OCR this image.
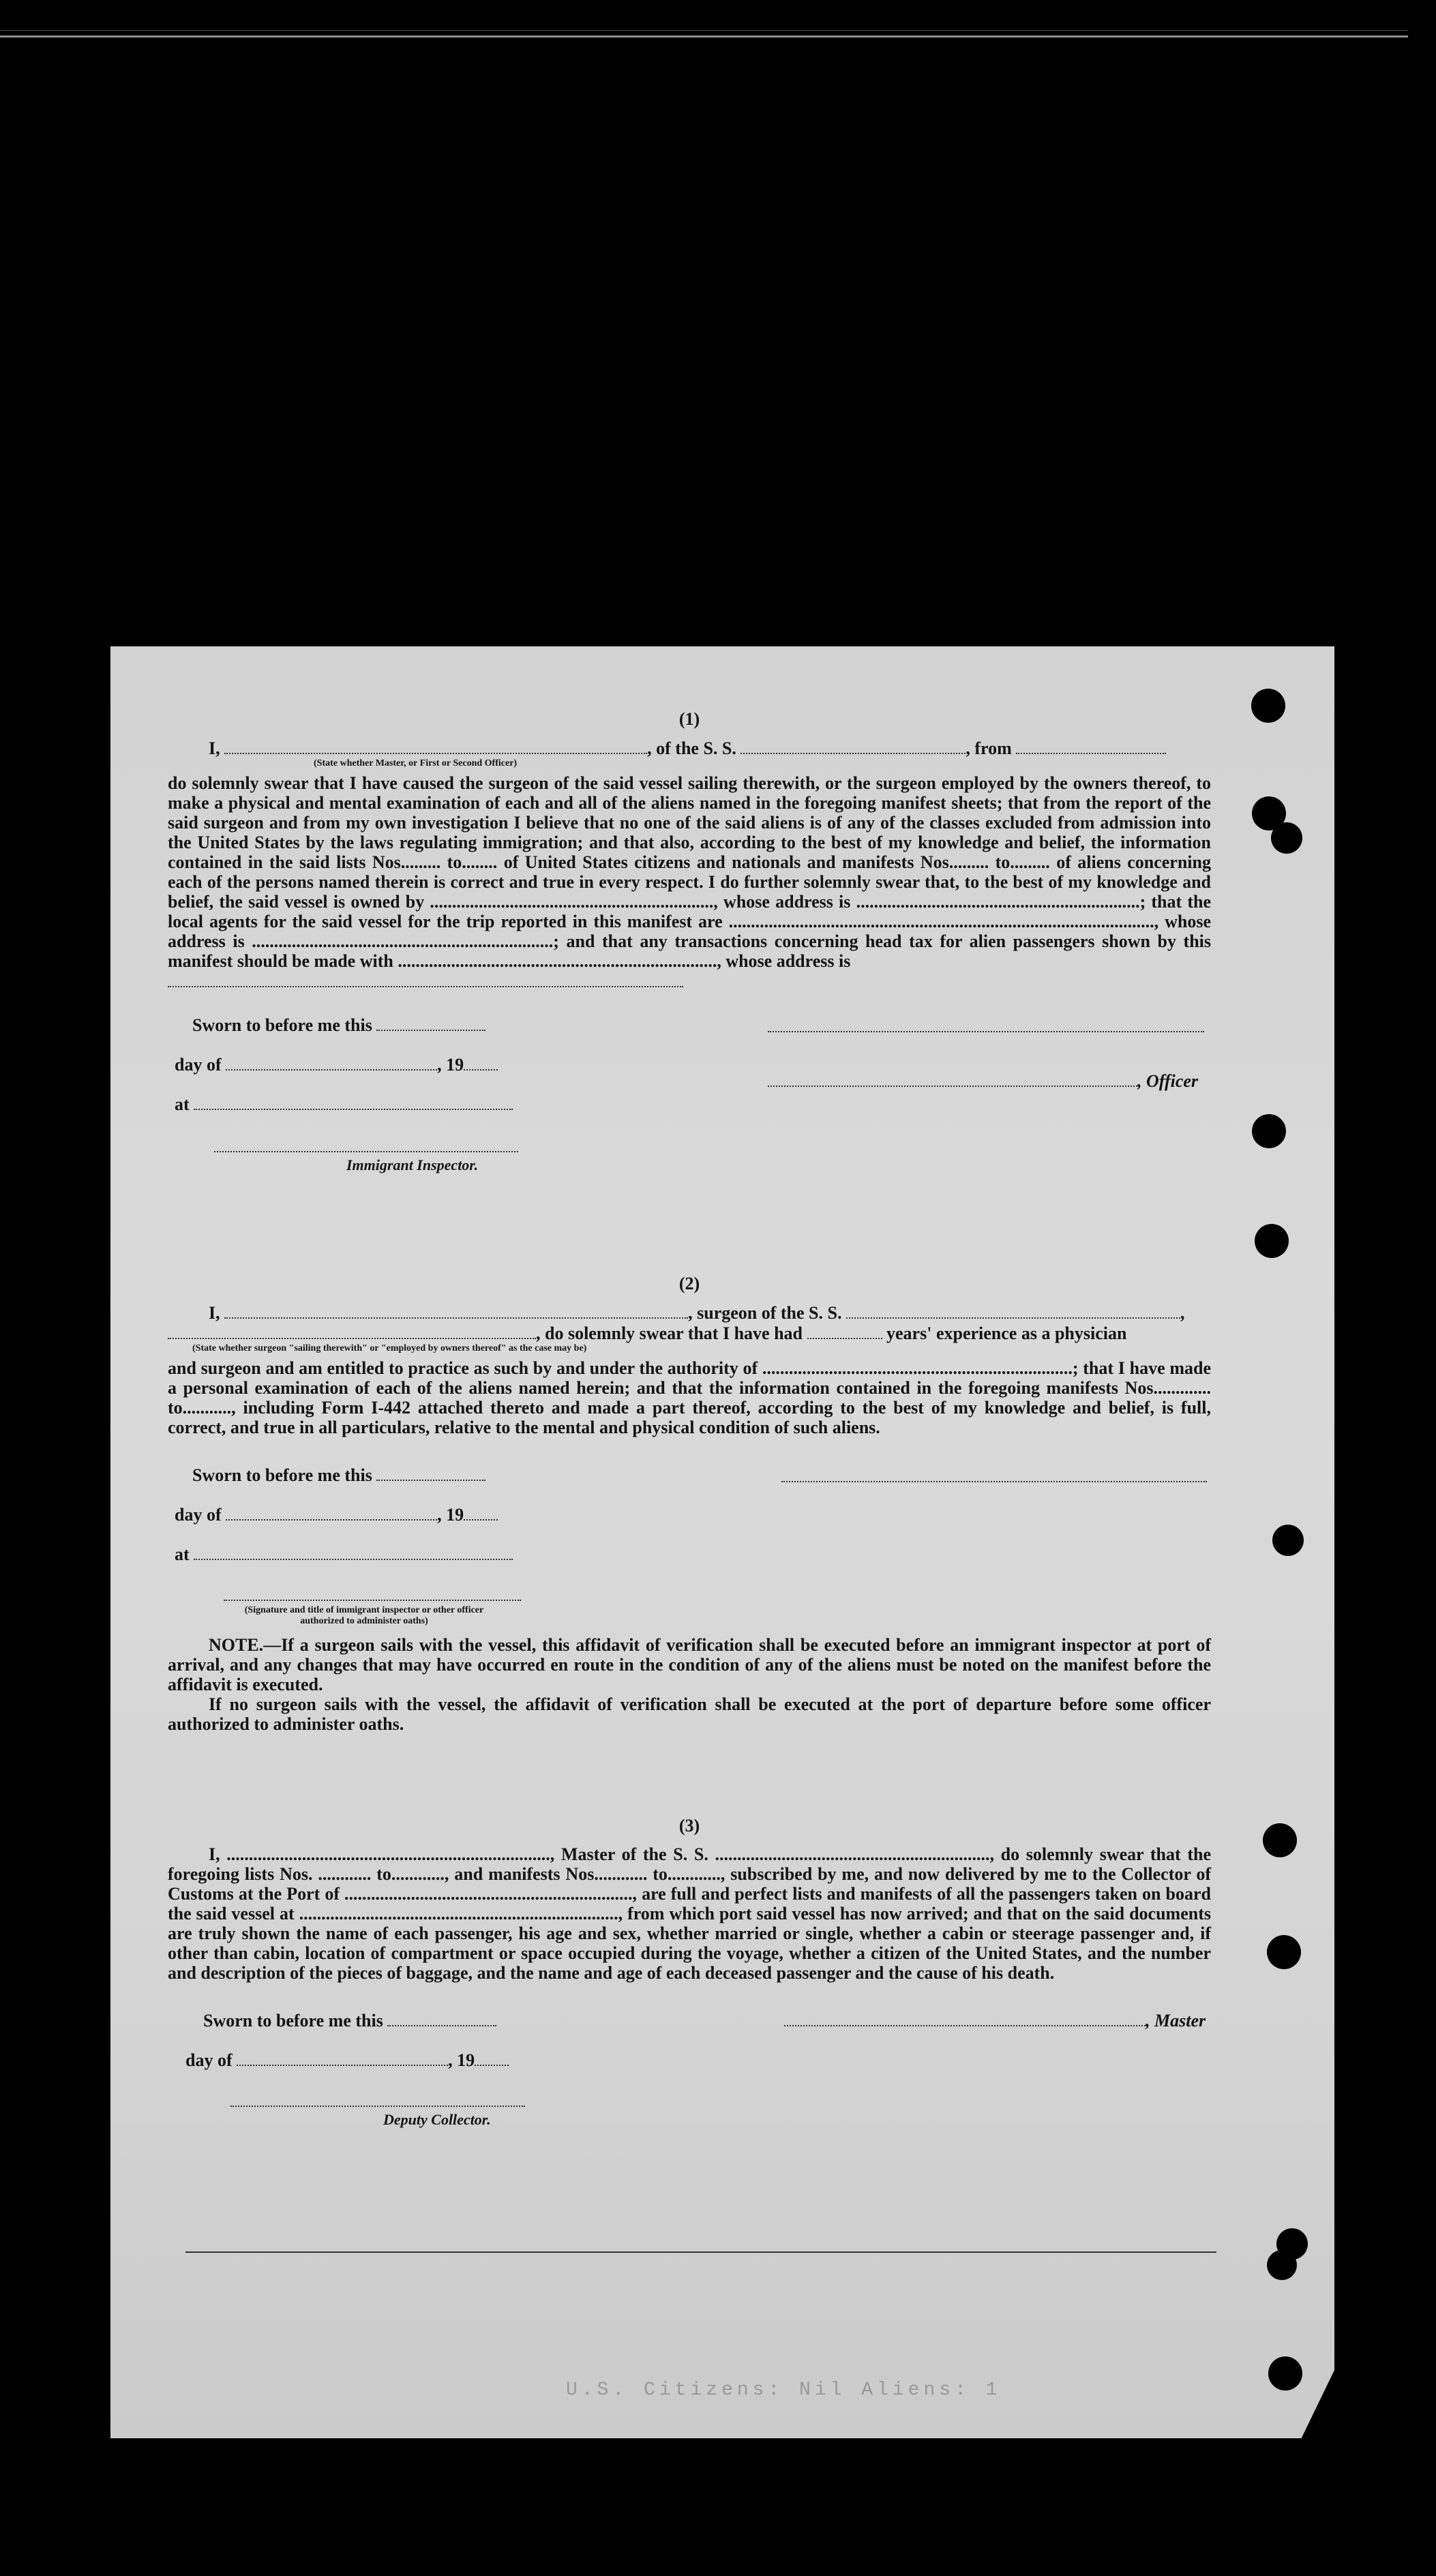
(1)
I,	, of the S. S.	, from
(State whether Master, or First or Second Officer)
do solemnly swear that I have caused the surgeon of the said vessel sailing therewith, or the surgeon employed by the owners thereof, to make a physical and mental examination of each and all of the aliens named in the foregoing manifest sheets; that from the report of the said surgeon and from my own investigation I believe that no one of the said aliens is of any of the classes excluded from admission into the United States by the laws regulating immigration; and that also, according to the best of my knowledge and belief, the information contained in the said lists Nos......... to........ of United States citizens and nationals and manifests Nos......... to......... of aliens concerning each of the persons named therein is correct and true in every respect. I do further solemnly swear that, to the best of my knowledge and belief, the said vessel is owned by ................................................................, whose address is ................................................................; that the local agents for the said vessel for the trip reported in this manifest are ................................................................................................, whose address is ....................................................................; and that any transactions concerning head tax for alien passengers shown by this manifest should be made with ........................................................................, whose address is
Sworn to before me this
day of	, 19
, Officer
at
Immigrant Inspector.
(2)
I,	, surgeon of the S. S.	,
, do solemnly swear that I have had	years' experience as a physician
(State whether surgeon "sailing therewith" or "employed by owners thereof" as the case may be)
and surgeon and am entitled to practice as such by and under the authority of ......................................................................; that I have made a personal examination of each of the aliens named herein; and that the information contained in the foregoing manifests Nos............. to..........., including Form I-442 attached thereto and made a part thereof, according to the best of my knowledge and belief, is full, correct, and true in all particulars, relative to the mental and physical condition of such aliens.
Sworn to before me this
day of	, 19
at
(Signature and title of immigrant inspector or other officer authorized to administer oaths)
NOTE.—If a surgeon sails with the vessel, this affidavit of verification shall be executed before an immigrant inspector at port of arrival, and any changes that may have occurred en route in the condition of any of the aliens must be noted on the manifest before the affidavit is executed.
If no surgeon sails with the vessel, the affidavit of verification shall be executed at the port of departure before some officer authorized to administer oaths.
(3)
I, ........................................................................., Master of the S. S. .............................................................., do solemnly swear that the foregoing lists Nos. ............ to............, and manifests Nos............ to............, subscribed by me, and now delivered by me to the Collector of Customs at the Port of ................................................................., are full and perfect lists and manifests of all the passengers taken on board the said vessel at ........................................................................, from which port said vessel has now arrived; and that on the said documents are truly shown the name of each passenger, his age and sex, whether married or single, whether a cabin or steerage passenger and, if other than cabin, location of compartment or space occupied during the voyage, whether a citizen of the United States, and the number and description of the pieces of baggage, and the name and age of each deceased passenger and the cause of his death.
Sworn to before me this	, Master
day of	, 19
Deputy Collector.
U.S. Citizens: Nil Aliens: 1
